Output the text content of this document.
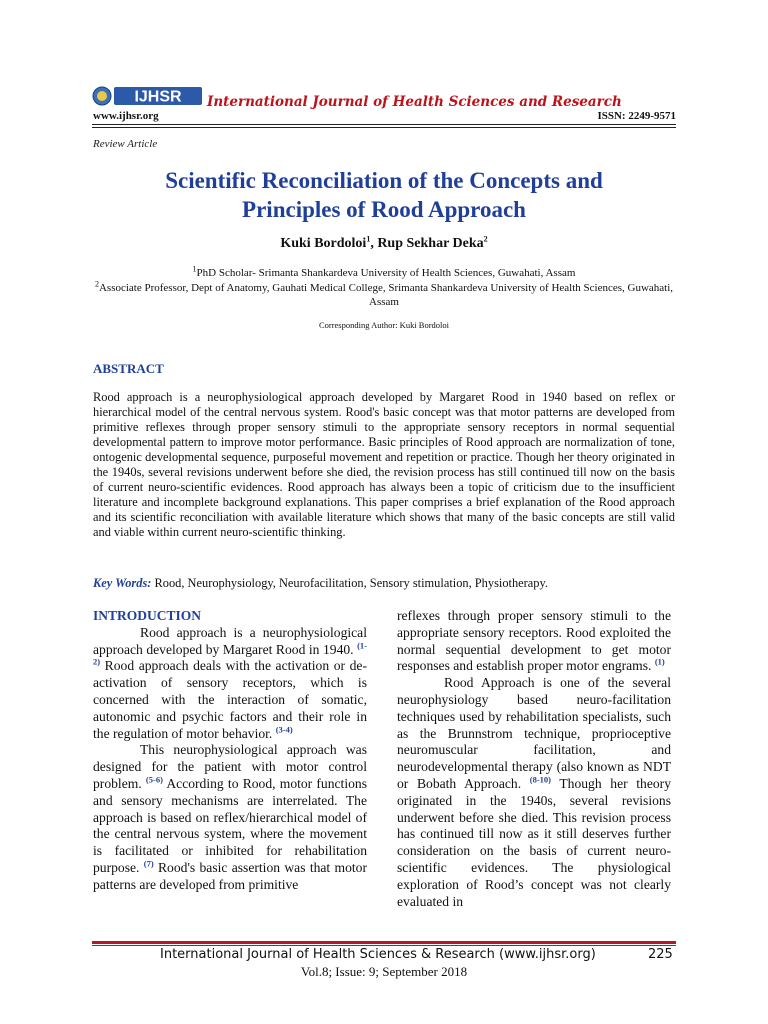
IJHSR International Journal of Health Sciences and Research
www.ijhsr.org	ISSN: 2249-9571
Review Article
Scientific Reconciliation of the Concepts and
Principles of Rood Approach
Kuki Bordoloi$^1$, Rup Sekhar Deka$^2$
$^1$PhD Scholar- Srimanta Shankardeva University of Health Sciences, Guwahati, Assam
$^2$Associate Professor, Dept of Anatomy, Gauhati Medical College, Srimanta Shankardeva University of Health Sciences, Guwahati, Assam
Corresponding Author: Kuki Bordoloi
ABSTRACT
Rood approach is a neurophysiological approach developed by Margaret Rood in 1940 based on reflex or hierarchical model of the central nervous system. Rood's basic concept was that motor patterns are developed from primitive reflexes through proper sensory stimuli to the appropriate sensory receptors in normal sequential developmental pattern to improve motor performance. Basic principles of Rood approach are normalization of tone, ontogenic developmental sequence, purposeful movement and repetition or practice. Though her theory originated in the 1940s, several revisions underwent before she died, the revision process has still continued till now on the basis of current neuro-scientific evidences. Rood approach has always been a topic of criticism due to the insufficient literature and incomplete background explanations. This paper comprises a brief explanation of the Rood approach and its scientific reconciliation with available literature which shows that many of the basic concepts are still valid and viable within current neuro-scientific thinking.
Key Words: Rood, Neurophysiology, Neurofacilitation, Sensory stimulation, Physiotherapy.

INTRODUCTION

Rood approach is a neurophysiological approach developed by Margaret Rood in 1940. $^{(1-2)}$ Rood approach deals with the activation or de-activation of sensory receptors, which is concerned with the interaction of somatic, autonomic and psychic factors and their role in the regulation of motor behavior. $^{(3-4)}$

This neurophysiological approach was designed for the patient with motor control problem. $^{(5-6)}$ According to Rood, motor functions and sensory mechanisms are interrelated. The approach is based on reflex/hierarchical model of the central nervous system, where the movement is facilitated or inhibited for rehabilitation purpose. $^{(7)}$ Rood's basic assertion was that motor patterns are developed from primitive

reflexes through proper sensory stimuli to the appropriate sensory receptors. Rood exploited the normal sequential development to get motor responses and establish proper motor engrams. $^{(1)}$

Rood Approach is one of the several neurophysiology based neuro-facilitation techniques used by rehabilitation specialists, such as the Brunnstrom technique, proprioceptive neuromuscular facilitation, and neurodevelopmental therapy (also known as NDT or Bobath Approach. $^{(8-10)}$ Though her theory originated in the 1940s, several revisions underwent before she died. This revision process has continued till now as it still deserves further consideration on the basis of current neuro-scientific evidences. The physiological exploration of Rood’s concept was not clearly evaluated in

International Journal of Health Sciences & Research (www.ijhsr.org)	225
Vol.8; Issue: 9; September 2018
